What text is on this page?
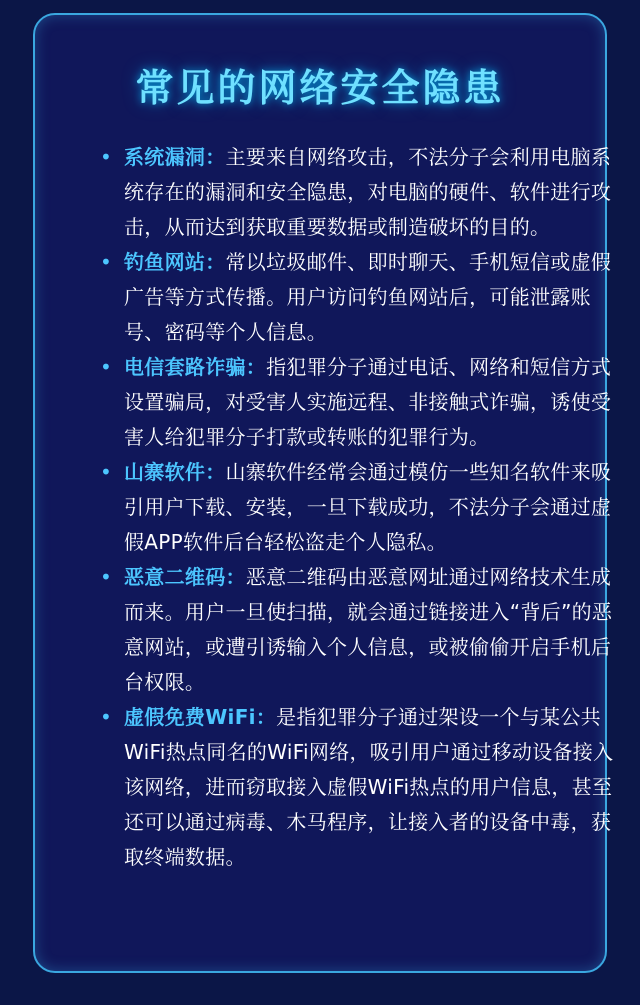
常见的网络安全隐患
• 系统漏洞：主要来自网络攻击，不法分子会利用电脑系统存在的漏洞和安全隐患，对电脑的硬件、软件进行攻击，从而达到获取重要数据或制造破坏的目的。
• 钓鱼网站：常以垃圾邮件、即时聊天、手机短信或虚假广告等方式传播。用户访问钓鱼网站后，可能泄露账号、密码等个人信息。
• 电信套路诈骗：指犯罪分子通过电话、网络和短信方式设置骗局，对受害人实施远程、非接触式诈骗，诱使受害人给犯罪分子打款或转账的犯罪行为。
• 山寨软件：山寨软件经常会通过模仿一些知名软件来吸引用户下载、安装，一旦下载成功，不法分子会通过虚假APP软件后台轻松盗走个人隐私。
• 恶意二维码：恶意二维码由恶意网址通过网络技术生成而来。用户一旦使扫描，就会通过链接进入“背后”的恶意网站，或遭引诱输入个人信息，或被偷偷开启手机后台权限。
• 虚假免费WiFi：是指犯罪分子通过架设一个与某公共WiFi热点同名的WiFi网络，吸引用户通过移动设备接入该网络，进而窃取接入虚假WiFi热点的用户信息，甚至还可以通过病毒、木马程序，让接入者的设备中毒，获取终端数据。
